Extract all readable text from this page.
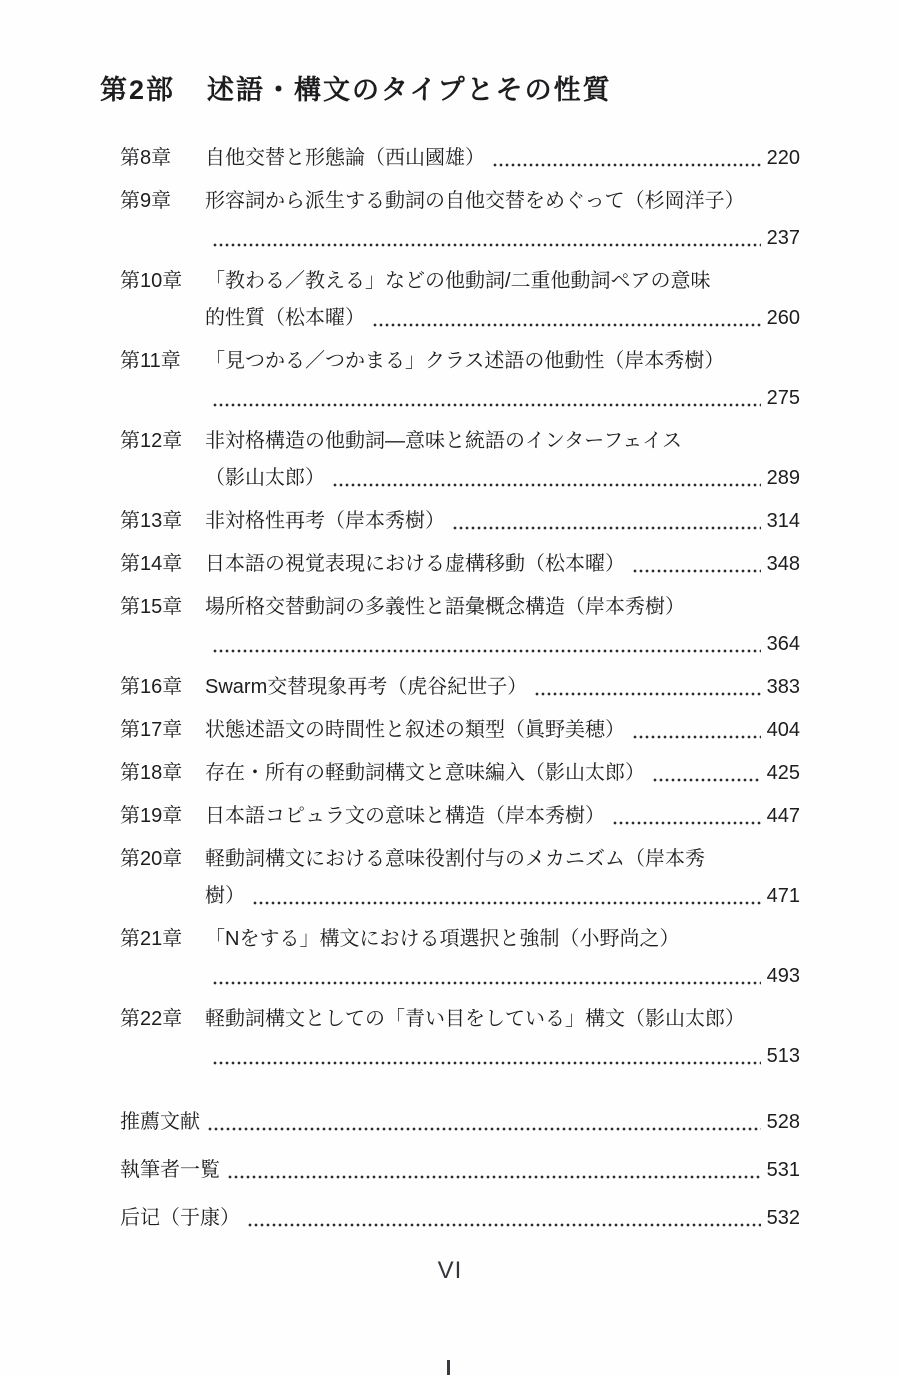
第2部 述語・構文のタイプとその性質
第8章	自他交替と形態論（西山國雄）	220
第9章	形容詞から派生する動詞の自他交替をめぐって（杉岡洋子）
237
第10章	「教わる／教える」などの他動詞/二重他動詞ペアの意味
的性質（松本曜）	260
第11章	「見つかる／つかまる」クラス述語の他動性（岸本秀樹）
275
第12章	非対格構造の他動詞―意味と統語のインターフェイス
（影山太郎）	289
第13章	非対格性再考（岸本秀樹）	314
第14章	日本語の視覚表現における虚構移動（松本曜）	348
第15章	場所格交替動詞の多義性と語彙概念構造（岸本秀樹）
364
第16章	Swarm交替現象再考（虎谷紀世子）	383
第17章	状態述語文の時間性と叙述の類型（眞野美穂）	404
第18章	存在・所有の軽動詞構文と意味編入（影山太郎）	425
第19章	日本語コピュラ文の意味と構造（岸本秀樹）	447
第20章	軽動詞構文における意味役割付与のメカニズム（岸本秀
樹）	471
第21章	「Nをする」構文における項選択と強制（小野尚之）
493
第22章	軽動詞構文としての「青い目をしている」構文（影山太郎）
513
推薦文献	528
執筆者一覧	531
后记（于康）	532
VI
